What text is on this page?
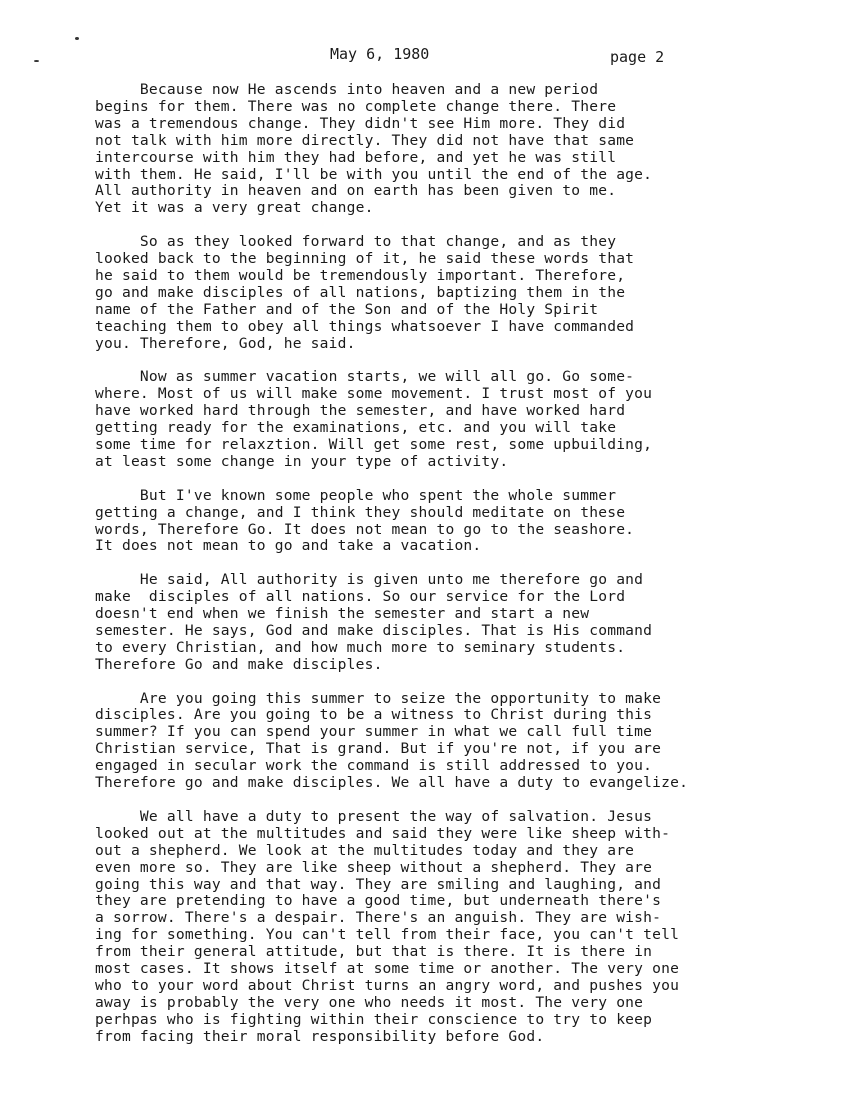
May 6, 1980	page 2

Because now He ascends into heaven and a new period
begins for them. There was no complete change there. There
was a tremendous change. They didn't see Him more. They did
not talk with him more directly. They did not have that same
intercourse with him they had before, and yet he was still
with them. He said, I'll be with you until the end of the age.
All authority in heaven and on earth has been given to me.
Yet it was a very great change.

So as they looked forward to that change, and as they
looked back to the beginning of it, he said these words that
he said to them would be tremendously important. Therefore,
go and make disciples of all nations, baptizing them in the
name of the Father and of the Son and of the Holy Spirit
teaching them to obey all things whatsoever I have commanded
you. Therefore, God, he said.

Now as summer vacation starts, we will all go. Go some-
where. Most of us will make some movement. I trust most of you
have worked hard through the semester, and have worked hard
getting ready for the examinations, etc. and you will take
some time for relaxztion. Will get some rest, some upbuilding,
at least some change in your type of activity.

But I've known some people who spent the whole summer
getting a change, and I think they should meditate on these
words, Therefore Go. It does not mean to go to the seashore.
It does not mean to go and take a vacation.

He said, All authority is given unto me therefore go and
make  disciples of all nations. So our service for the Lord
doesn't end when we finish the semester and start a new
semester. He says, God and make disciples. That is His command
to every Christian, and how much more to seminary students.
Therefore Go and make disciples.

Are you going this summer to seize the opportunity to make
disciples. Are you going to be a witness to Christ during this
summer? If you can spend your summer in what we call full time
Christian service, That is grand. But if you're not, if you are
engaged in secular work the command is still addressed to you.
Therefore go and make disciples. We all have a duty to evangelize.

We all have a duty to present the way of salvation. Jesus
looked out at the multitudes and said they were like sheep with-
out a shepherd. We look at the multitudes today and they are
even more so. They are like sheep without a shepherd. They are
going this way and that way. They are smiling and laughing, and
they are pretending to have a good time, but underneath there's
a sorrow. There's a despair. There's an anguish. They are wish-
ing for something. You can't tell from their face, you can't tell
from their general attitude, but that is there. It is there in
most cases. It shows itself at some time or another. The very one
who to your word about Christ turns an angry word, and pushes you
away is probably the very one who needs it most. The very one
perhpas who is fighting within their conscience to try to keep
from facing their moral responsibility before God.
